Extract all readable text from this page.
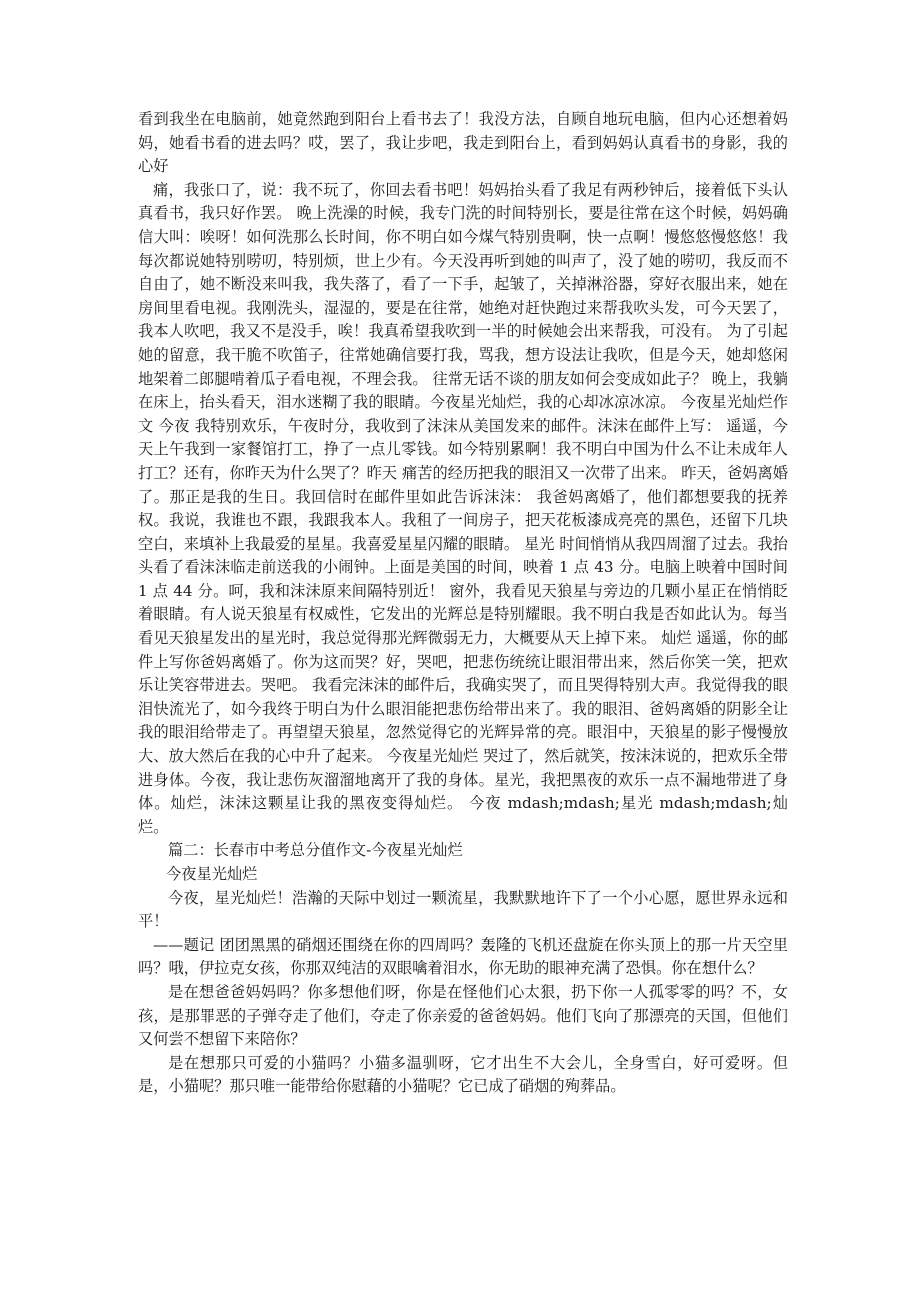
看到我坐在电脑前，她竟然跑到阳台上看书去了！我没方法，自顾自地玩电脑，但内心还想着妈妈，她看书看的进去吗？哎，罢了，我让步吧，我走到阳台上，看到妈妈认真看书的身影，我的心好

痛，我张口了，说：我不玩了，你回去看书吧！妈妈抬头看了我足有两秒钟后，接着低下头认真看书，我只好作罢。 晚上洗澡的时候，我专门洗的时间特别长，要是往常在这个时候，妈妈确信大叫：唉呀！如何洗那么长时间，你不明白如今煤气特别贵啊，快一点啊！慢悠悠慢悠悠！我每次都说她特别唠叨，特别烦，世上少有。今天没再听到她的叫声了，没了她的唠叨，我反而不自由了，她不断没来叫我，我失落了，看了一下手，起皱了，关掉淋浴器，穿好衣服出来，她在房间里看电视。我刚洗头，湿湿的，要是在往常，她绝对赶快跑过来帮我吹头发，可今天罢了，我本人吹吧，我又不是没手，唉！我真希望我吹到一半的时候她会出来帮我，可没有。 为了引起她的留意，我干脆不吹笛子，往常她确信要打我，骂我，想方设法让我吹，但是今天，她却悠闲地架着二郎腿啃着瓜子看电视，不理会我。 往常无话不谈的朋友如何会变成如此子？ 晚上，我躺在床上，抬头看天，泪水迷糊了我的眼睛。今夜星光灿烂，我的心却冰凉冰凉。 今夜星光灿烂作文 今夜 我特别欢乐，午夜时分，我收到了沫沫从美国发来的邮件。沫沫在邮件上写： 遥遥，今天上午我到一家餐馆打工，挣了一点儿零钱。如今特别累啊！我不明白中国为什么不让未成年人打工？还有，你昨天为什么哭了？昨天 痛苦的经历把我的眼泪又一次带了出来。 昨天，爸妈离婚了。那正是我的生日。我回信时在邮件里如此告诉沫沫： 我爸妈离婚了，他们都想要我的抚养权。我说，我谁也不跟，我跟我本人。我租了一间房子，把天花板漆成亮亮的黑色，还留下几块空白，来填补上我最爱的星星。我喜爱星星闪耀的眼睛。 星光 时间悄悄从我四周溜了过去。我抬头看了看沫沫临走前送我的小闹钟。上面是美国的时间，映着 1 点 43 分。电脑上映着中国时间 1 点 44 分。呵，我和沫沫原来间隔特别近！ 窗外，我看见天狼星与旁边的几颗小星正在悄悄眨着眼睛。有人说天狼星有权威性，它发出的光辉总是特别耀眼。我不明白我是否如此认为。每当看见天狼星发出的星光时，我总觉得那光辉微弱无力，大概要从天上掉下来。 灿烂 遥遥，你的邮件上写你爸妈离婚了。你为这而哭？好，哭吧，把悲伤统统让眼泪带出来，然后你笑一笑，把欢乐让笑容带进去。哭吧。 我看完沫沫的邮件后，我确实哭了，而且哭得特别大声。我觉得我的眼泪快流光了，如今我终于明白为什么眼泪能把悲伤给带出来了。我的眼泪、爸妈离婚的阴影全让我的眼泪给带走了。再望望天狼星，忽然觉得它的光辉异常的亮。眼泪中，天狼星的影子慢慢放大、放大然后在我的心中升了起来。 今夜星光灿烂 哭过了，然后就笑，按沫沫说的，把欢乐全带进身体。今夜，我让悲伤灰溜溜地离开了我的身体。星光，我把黑夜的欢乐一点不漏地带进了身体。灿烂，沫沫这颗星让我的黑夜变得灿烂。 今夜 mdash;mdash;星光 mdash;mdash;灿烂。

篇二：长春市中考总分值作文-今夜星光灿烂

今夜星光灿烂

今夜，星光灿烂！浩瀚的天际中划过一颗流星，我默默地许下了一个小心愿，愿世界永远和平！

——题记 团团黑黑的硝烟还围绕在你的四周吗？轰隆的飞机还盘旋在你头顶上的那一片天空里吗？哦，伊拉克女孩，你那双纯洁的双眼噙着泪水，你无助的眼神充满了恐惧。你在想什么？

是在想爸爸妈妈吗？你多想他们呀，你是在怪他们心太狠，扔下你一人孤零零的吗？不，女孩，是那罪恶的子弹夺走了他们，夺走了你亲爱的爸爸妈妈。他们飞向了那漂亮的天国，但他们又何尝不想留下来陪你？

是在想那只可爱的小猫吗？小猫多温驯呀，它才出生不大会儿，全身雪白，好可爱呀。但是，小猫呢？那只唯一能带给你慰藉的小猫呢？它已成了硝烟的殉葬品。
